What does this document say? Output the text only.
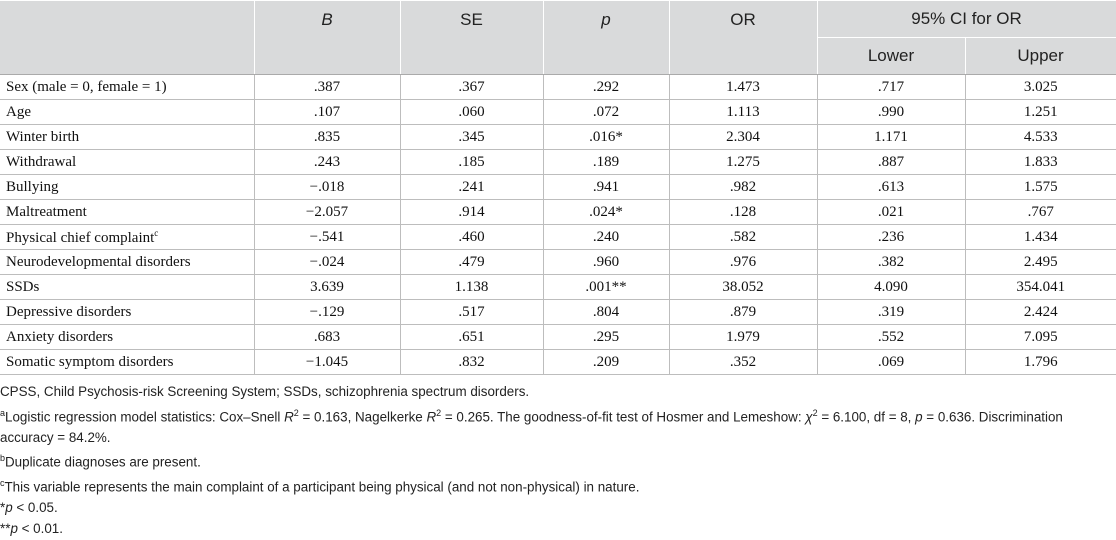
	B	SE	p	OR	95% CI for OR	
					Lower	Upper
Sex (male = 0, female = 1)	.387	.367	.292	1.473	.717	3.025
Age	.107	.060	.072	1.113	.990	1.251
Winter birth	.835	.345	.016*	2.304	1.171	4.533
Withdrawal	.243	.185	.189	1.275	.887	1.833
Bullying	−.018	.241	.941	.982	.613	1.575
Maltreatment	−2.057	.914	.024*	.128	.021	.767
Physical chief complaint$^c$	−.541	.460	.240	.582	.236	1.434
Neurodevelopmental disorders	−.024	.479	.960	.976	.382	2.495
SSDs	3.639	1.138	.001**	38.052	4.090	354.041
Depressive disorders	−.129	.517	.804	.879	.319	2.424
Anxiety disorders	.683	.651	.295	1.979	.552	7.095
Somatic symptom disorders	−1.045	.832	.209	.352	.069	1.796

CPSS, Child Psychosis-risk Screening System; SSDs, schizophrenia spectrum disorders.

$^a$Logistic regression model statistics: Cox–Snell $R^2 = 0.163$, Nagelkerke $R^2 = 0.265$. The goodness-of-fit test of Hosmer and Lemeshow: $\chi^2 = 6.100$, df = 8, p = 0.636. Discrimination accuracy = 84.2%.

$^b$Duplicate diagnoses are present.

$^c$This variable represents the main complaint of a participant being physical (and not non-physical) in nature.

*p < 0.05.

**p < 0.01.
